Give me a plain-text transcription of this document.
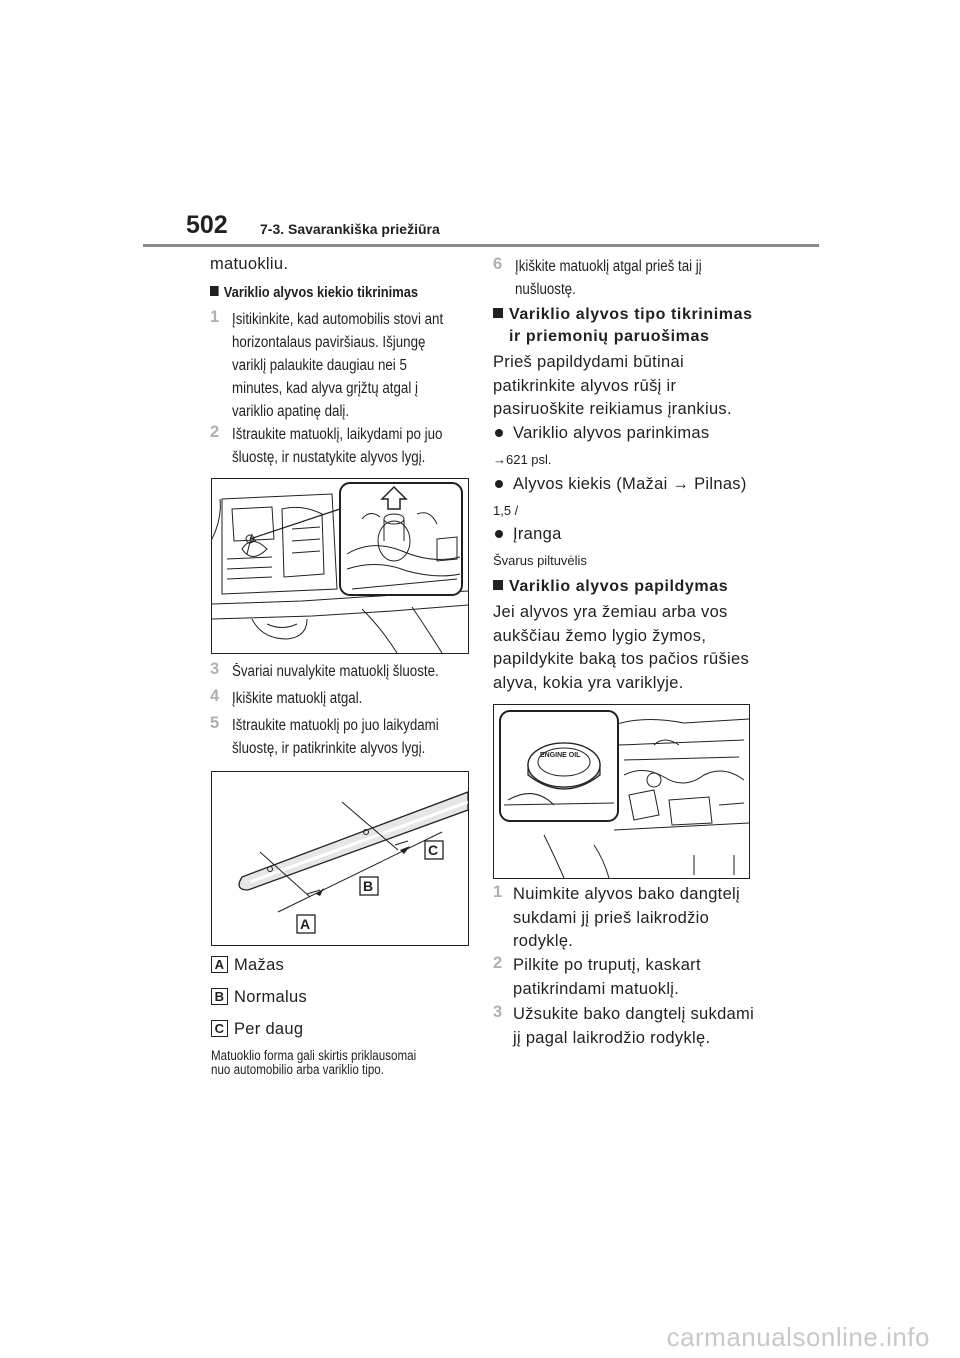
502 7-3. Savarankiška priežiūra
matuokliu.
Variklio alyvos kiekio tikrinimas
1 Įsitikinkite, kad automobilis stovi ant
horizontalaus paviršiaus. Išjungę
variklį palaukite daugiau nei 5
minutes, kad alyva grįžtų atgal į
variklio apatinę dalį.
2 Ištraukite matuoklį, laikydami po juo
šluostę, ir nustatykite alyvos lygį.
3 Švariai nuvalykite matuoklį šluoste.
4 Įkiškite matuoklį atgal.
5 Ištraukite matuoklį po juo laikydami
šluostę, ir patikrinkite alyvos lygį.
A
B
C
A Mažas
B Normalus
C Per daug
Matuoklio forma gali skirtis priklausomai
nuo automobilio arba variklio tipo.
6 Įkiškite matuoklį atgal prieš tai jį
nušluostę.
Variklio alyvos tipo tikrinimas
ir priemonių paruošimas
Prieš papildydami būtinai
patikrinkite alyvos rūšį ir
pasiruoškite reikiamus įrankius.
Variklio alyvos parinkimas
→621 psl.
Alyvos kiekis (Mažai → Pilnas)
1,5 /
Įranga
Švarus piltuvėlis
Variklio alyvos papildymas
Jei alyvos yra žemiau arba vos
aukščiau žemo lygio žymos,
papildykite baką tos pačios rūšies
alyva, kokia yra variklyje.
ENGINE OIL
1 Nuimkite alyvos bako dangtelį
sukdami jį prieš laikrodžio
rodyklę.
2 Pilkite po truputį, kaskart
patikrindami matuoklį.
3 Užsukite bako dangtelį sukdami
jį pagal laikrodžio rodyklę.
carmanualsonline.info
